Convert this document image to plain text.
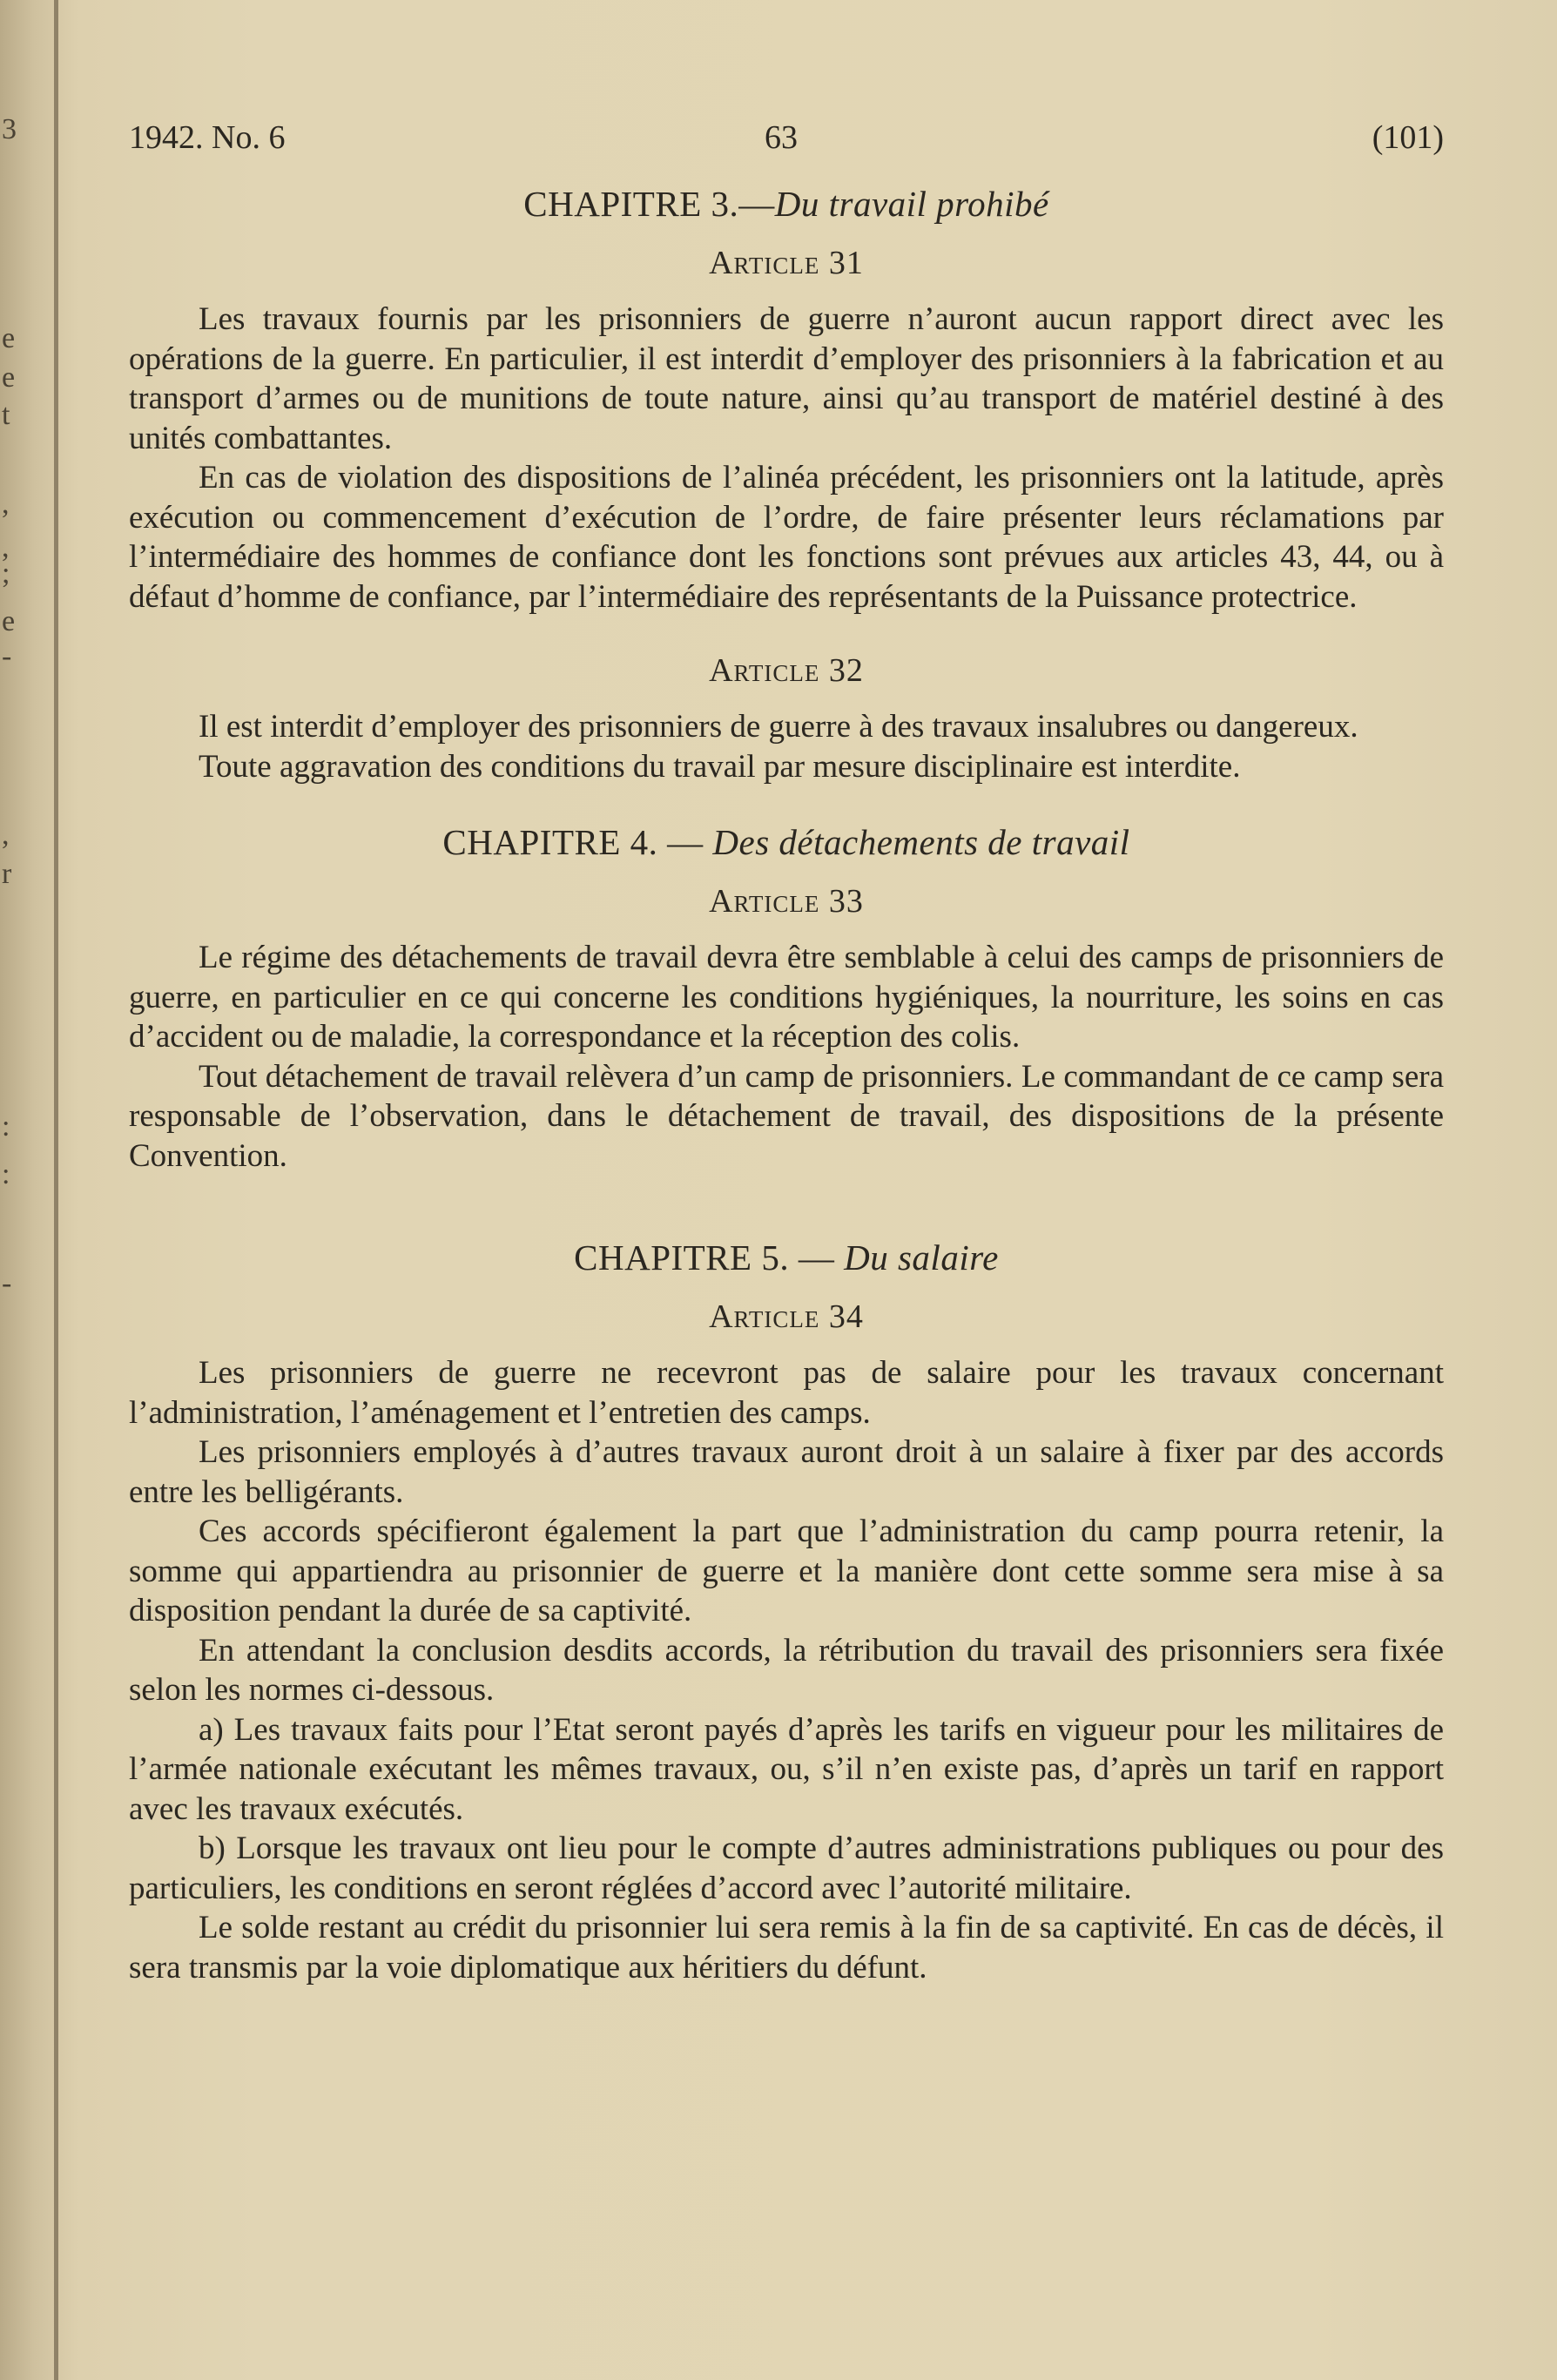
3
e
e
t
,
,
;
e
-
,
r
:
:
-
1942. No. 6	63	(101)
CHAPITRE 3.—Du travail prohibé
Article 31

Les travaux fournis par les prisonniers de guerre n’auront aucun rapport direct avec les opérations de la guerre. En particulier, il est interdit d’employer des prisonniers à la fabrication et au transport d’armes ou de munitions de toute nature, ainsi qu’au transport de matériel destiné à des unités combattantes.

En cas de violation des dispositions de l’alinéa précédent, les prisonniers ont la latitude, après exécution ou commencement d’exécution de l’ordre, de faire présenter leurs réclamations par l’intermédiaire des hommes de confiance dont les fonctions sont prévues aux articles 43, 44, ou à défaut d’homme de confiance, par l’intermédiaire des représentants de la Puissance protectrice.

Article 32

Il est interdit d’employer des prisonniers de guerre à des travaux insalubres ou dangereux.

Toute aggravation des conditions du travail par mesure disciplinaire est interdite.

CHAPITRE 4. — Des détachements de travail
Article 33

Le régime des détachements de travail devra être semblable à celui des camps de prisonniers de guerre, en particulier en ce qui concerne les conditions hygiéniques, la nourriture, les soins en cas d’accident ou de maladie, la correspondance et la réception des colis.

Tout détachement de travail relèvera d’un camp de prisonniers. Le commandant de ce camp sera responsable de l’observation, dans le détachement de travail, des dispositions de la présente Convention.

CHAPITRE 5. — Du salaire
Article 34

Les prisonniers de guerre ne recevront pas de salaire pour les travaux concernant l’administration, l’aménagement et l’entretien des camps.

Les prisonniers employés à d’autres travaux auront droit à un salaire à fixer par des accords entre les belligérants.

Ces accords spécifieront également la part que l’administration du camp pourra retenir, la somme qui appartiendra au prisonnier de guerre et la manière dont cette somme sera mise à sa disposition pendant la durée de sa captivité.

En attendant la conclusion desdits accords, la rétribution du travail des prisonniers sera fixée selon les normes ci-dessous.

a) Les travaux faits pour l’Etat seront payés d’après les tarifs en vigueur pour les militaires de l’armée nationale exécutant les mêmes travaux, ou, s’il n’en existe pas, d’après un tarif en rapport avec les travaux exécutés.

b) Lorsque les travaux ont lieu pour le compte d’autres administrations publiques ou pour des particuliers, les conditions en seront réglées d’accord avec l’autorité militaire.

Le solde restant au crédit du prisonnier lui sera remis à la fin de sa captivité. En cas de décès, il sera transmis par la voie diplomatique aux héritiers du défunt.
